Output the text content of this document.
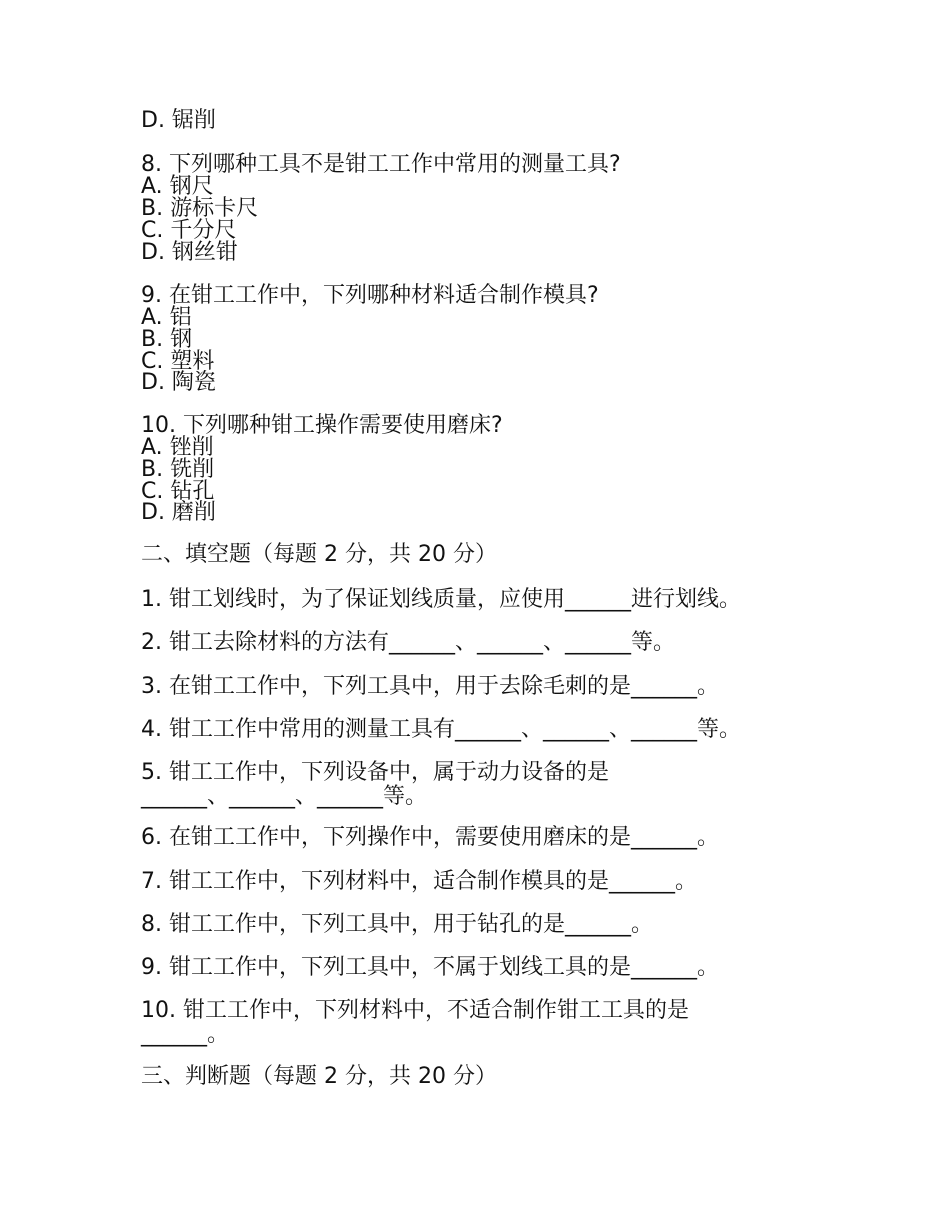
D. 锯削
8. 下列哪种工具不是钳工工作中常用的测量工具?
A. 钢尺
B. 游标卡尺
C. 千分尺
D. 钢丝钳
9. 在钳工工作中，下列哪种材料适合制作模具?
A. 铝
B. 钢
C. 塑料
D. 陶瓷
10. 下列哪种钳工操作需要使用磨床?
A. 锉削
B. 铣削
C. 钻孔
D. 磨削
二、填空题（每题 2 分，共 20 分）
1. 钳工划线时，为了保证划线质量，应使用______进行划线。
2. 钳工去除材料的方法有______、______、______等。
3. 在钳工工作中，下列工具中，用于去除毛刺的是______。
4. 钳工工作中常用的测量工具有______、______、______等。
5. 钳工工作中，下列设备中，属于动力设备的是
______、______、______等。
6. 在钳工工作中，下列操作中，需要使用磨床的是______。
7. 钳工工作中，下列材料中，适合制作模具的是______。
8. 钳工工作中，下列工具中，用于钻孔的是______。
9. 钳工工作中，下列工具中，不属于划线工具的是______。
10. 钳工工作中，下列材料中，不适合制作钳工工具的是
______。
三、判断题（每题 2 分，共 20 分）
